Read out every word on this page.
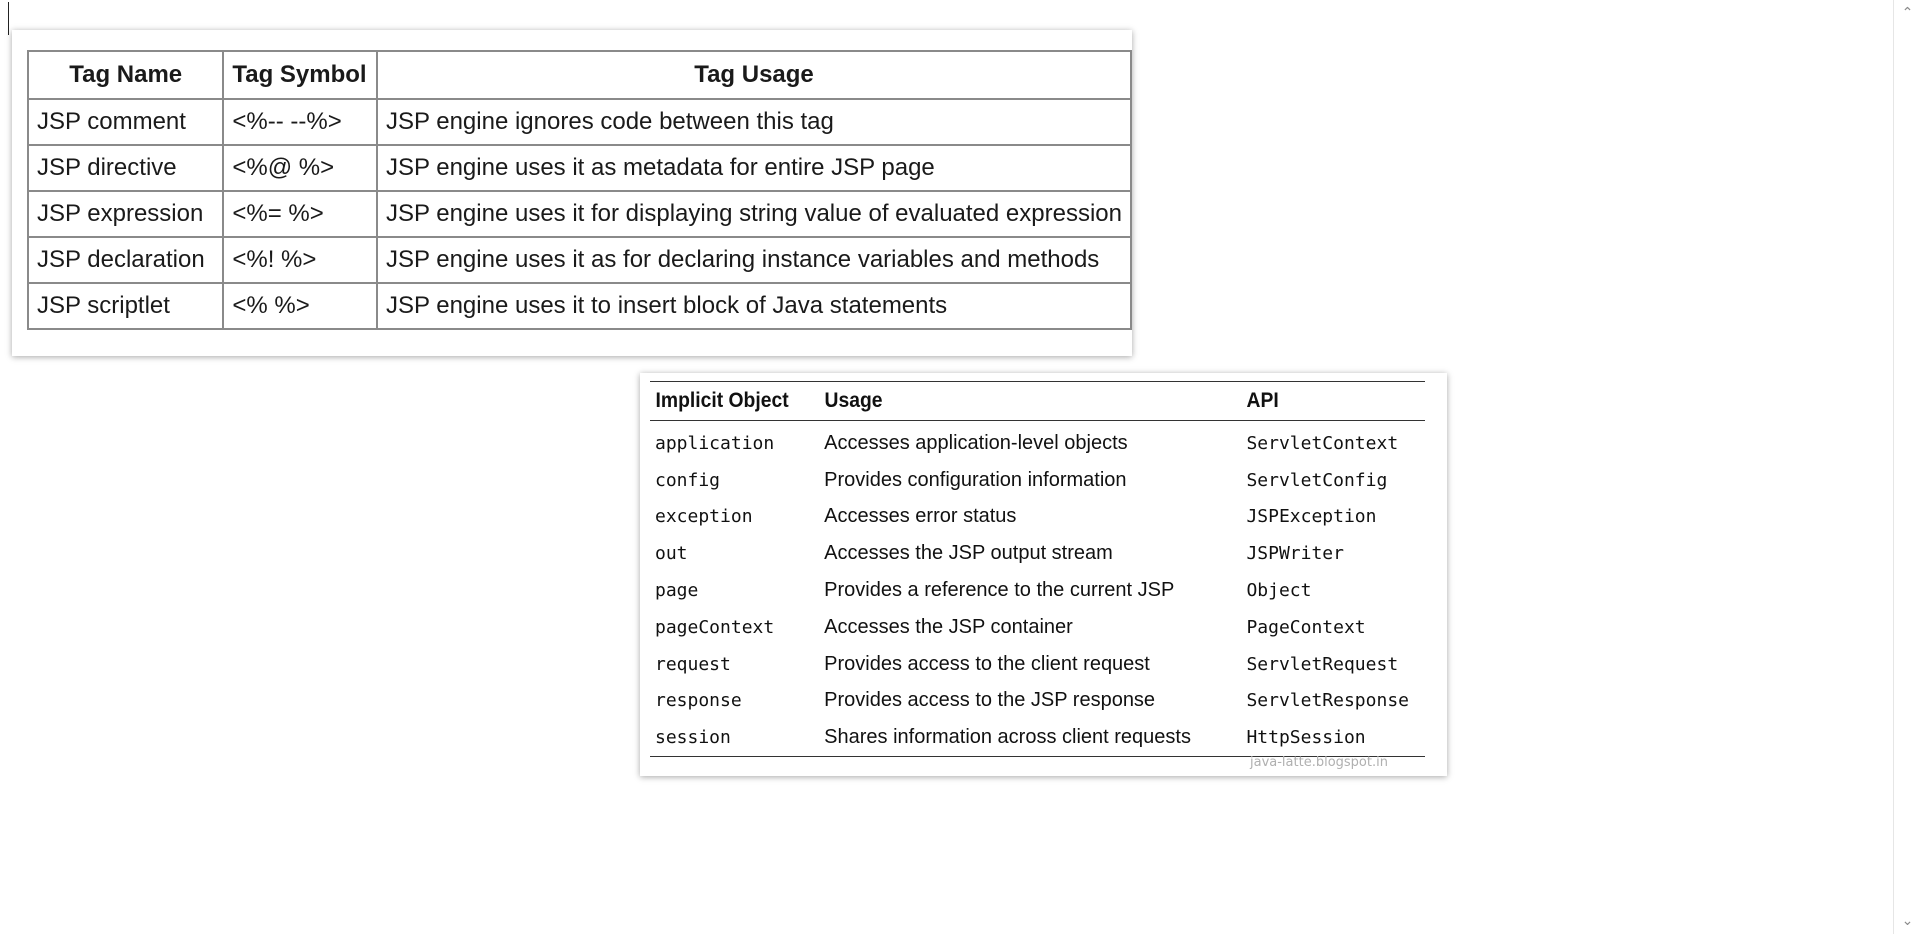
Tag Name	Tag Symbol	Tag Usage
JSP comment	<%-- --%>	JSP engine ignores code between this tag
JSP directive	<%@ %>	JSP engine uses it as metadata for entire JSP page
JSP expression	<%= %>	JSP engine uses it for displaying string value of evaluated expression
JSP declaration	<%! %>	JSP engine uses it as for declaring instance variables and methods
JSP scriptlet	<% %>	JSP engine uses it to insert block of Java statements
Implicit Object	Usage	API
application	Accesses application-level objects	ServletContext
config	Provides configuration information	ServletConfig
exception	Accesses error status	JSPException
out	Accesses the JSP output stream	JSPWriter
page	Provides a reference to the current JSP	Object
pageContext	Accesses the JSP container	PageContext
request	Provides access to the client request	ServletRequest
response	Provides access to the JSP response	ServletResponse
session	Shares information across client requests	HttpSession
java-latte.blogspot.in
⌃
⌄
